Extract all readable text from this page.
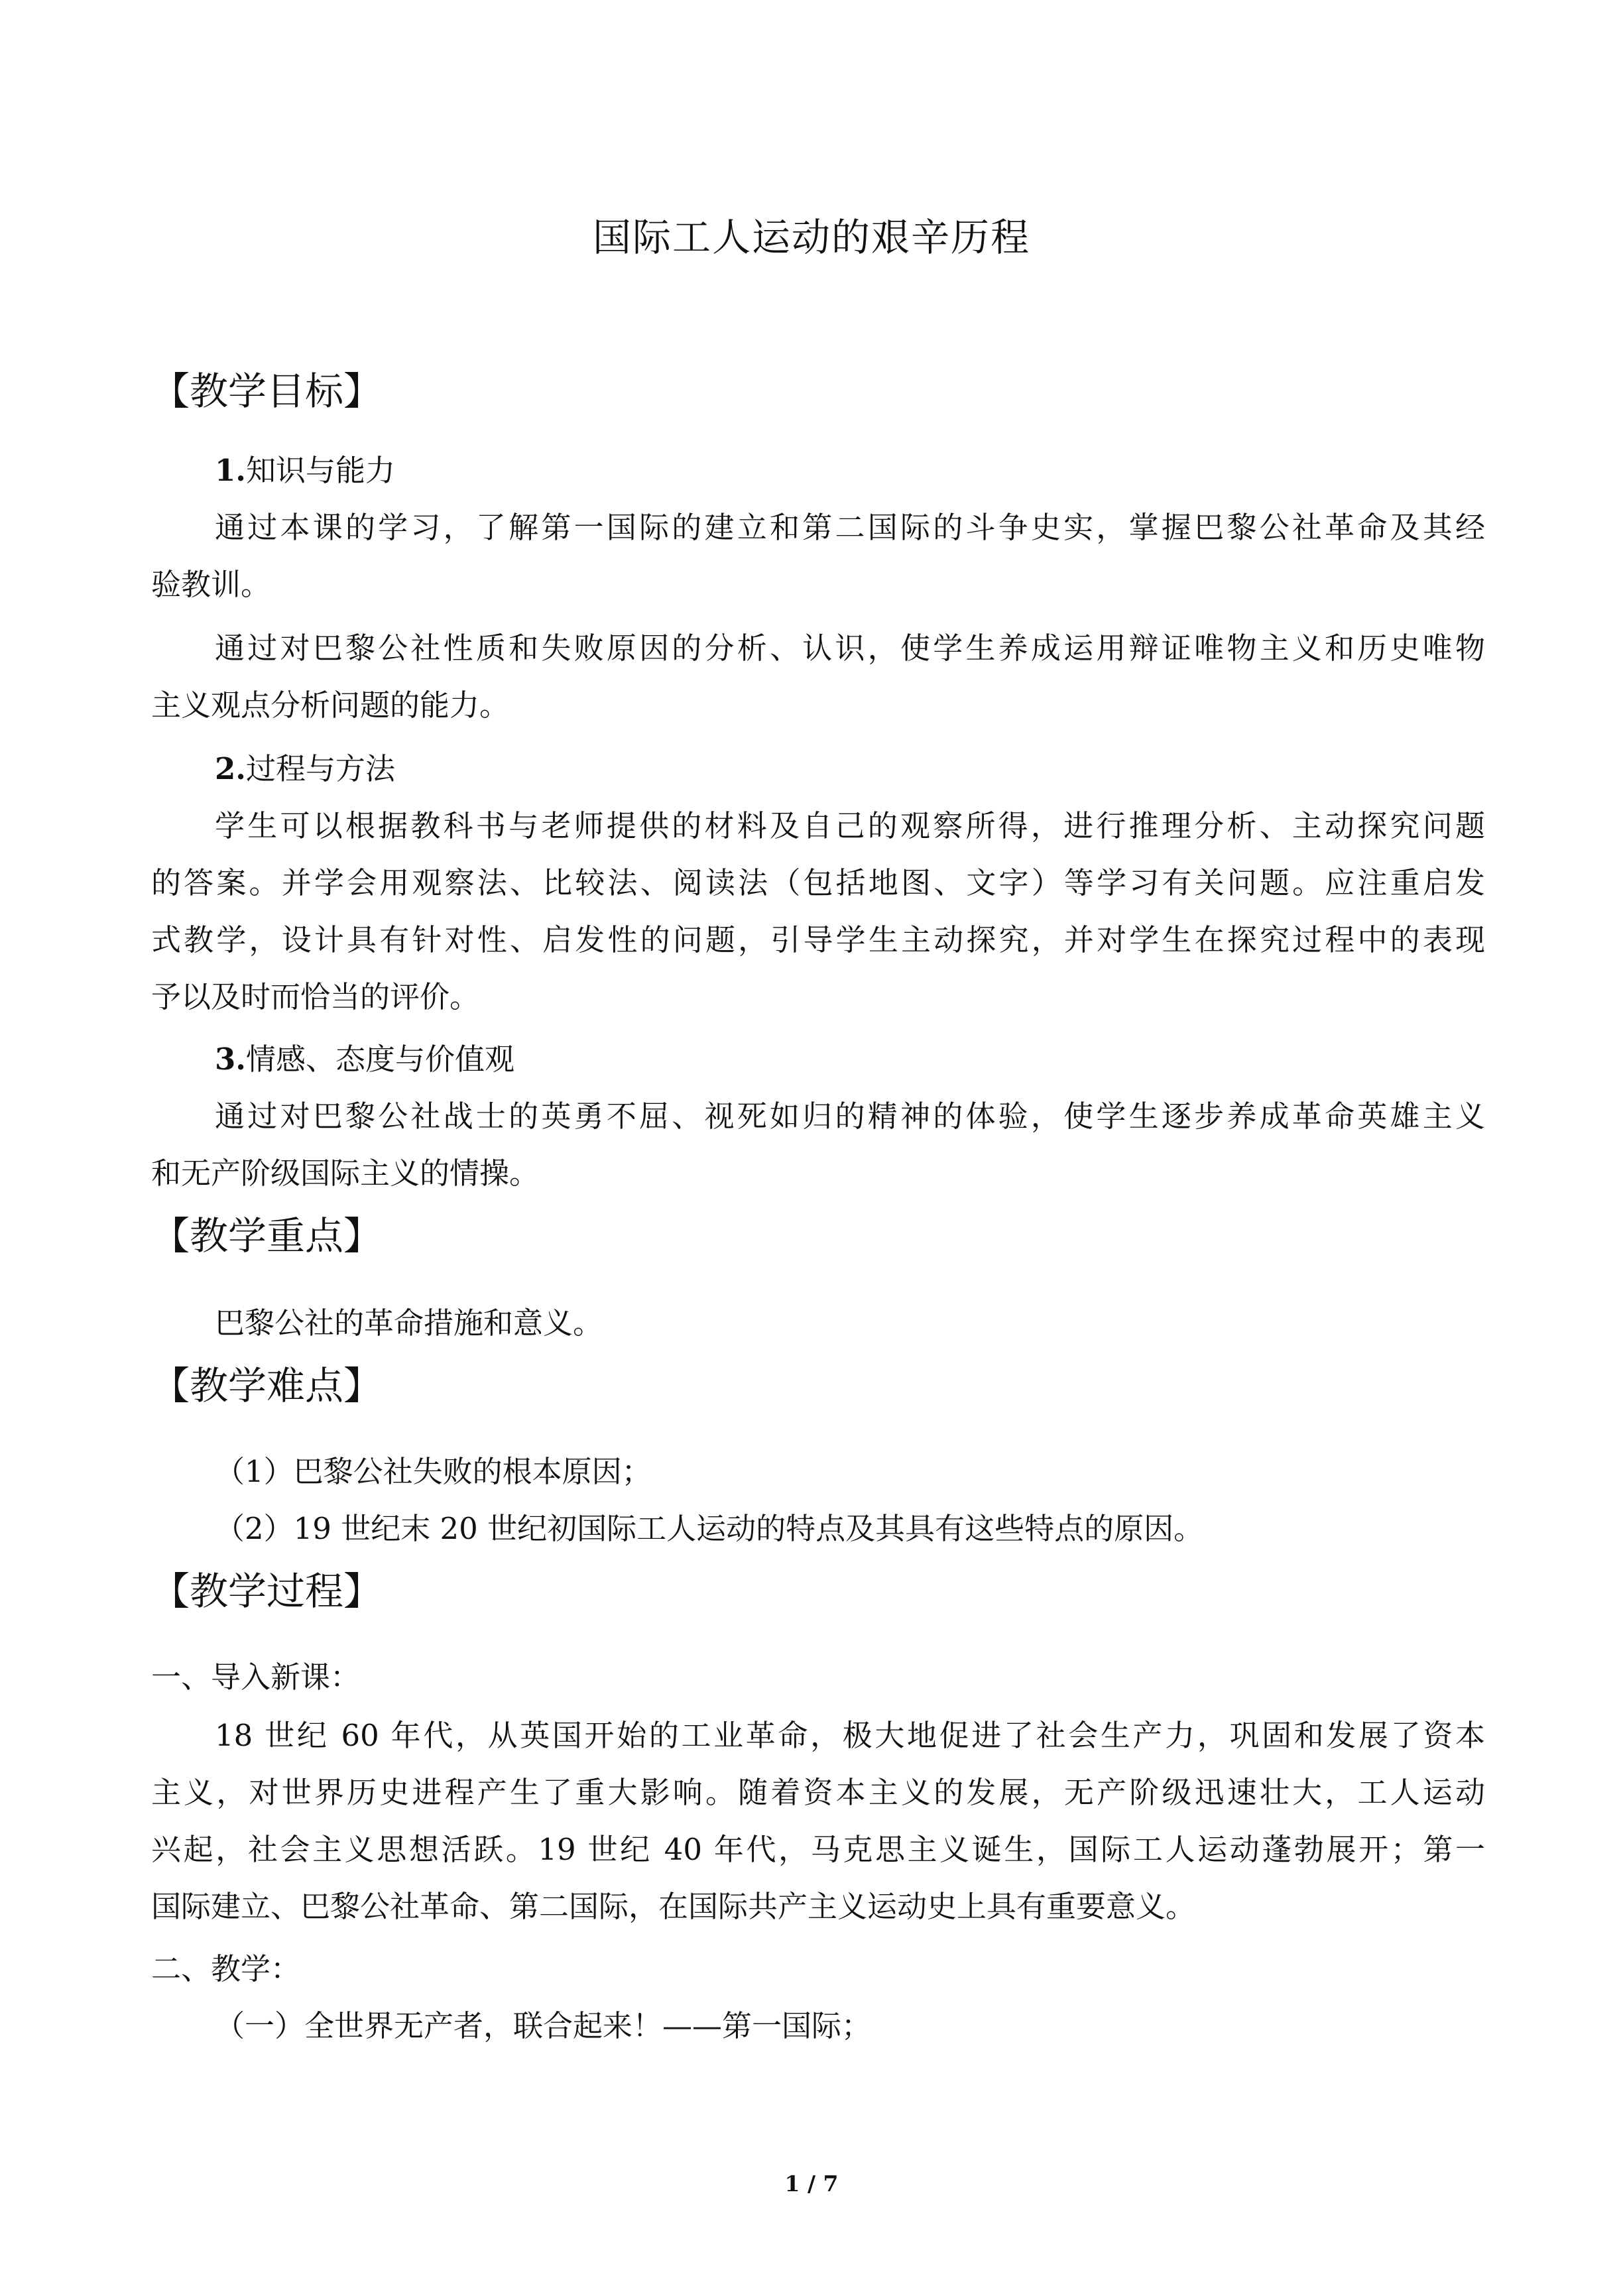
国际工人运动的艰辛历程
【教学目标】
1.知识与能力
通过本课的学习，了解第一国际的建立和第二国际的斗争史实，掌握巴黎公社革命及其经
验教训。
通过对巴黎公社性质和失败原因的分析、认识，使学生养成运用辩证唯物主义和历史唯物
主义观点分析问题的能力。
2.过程与方法
学生可以根据教科书与老师提供的材料及自己的观察所得，进行推理分析、主动探究问题
的答案。并学会用观察法、比较法、阅读法（包括地图、文字）等学习有关问题。应注重启发
式教学，设计具有针对性、启发性的问题，引导学生主动探究，并对学生在探究过程中的表现
予以及时而恰当的评价。
3.情感、态度与价值观
通过对巴黎公社战士的英勇不屈、视死如归的精神的体验，使学生逐步养成革命英雄主义
和无产阶级国际主义的情操。
【教学重点】
巴黎公社的革命措施和意义。
【教学难点】
（1）巴黎公社失败的根本原因；
（2）19 世纪末 20 世纪初国际工人运动的特点及其具有这些特点的原因。
【教学过程】
一、导入新课：
18 世纪 60 年代，从英国开始的工业革命，极大地促进了社会生产力，巩固和发展了资本
主义，对世界历史进程产生了重大影响。随着资本主义的发展，无产阶级迅速壮大，工人运动
兴起，社会主义思想活跃。19 世纪 40 年代，马克思主义诞生，国际工人运动蓬勃展开；第一
国际建立、巴黎公社革命、第二国际，在国际共产主义运动史上具有重要意义。
二、教学：
（一）全世界无产者，联合起来！——第一国际；
1 / 7
